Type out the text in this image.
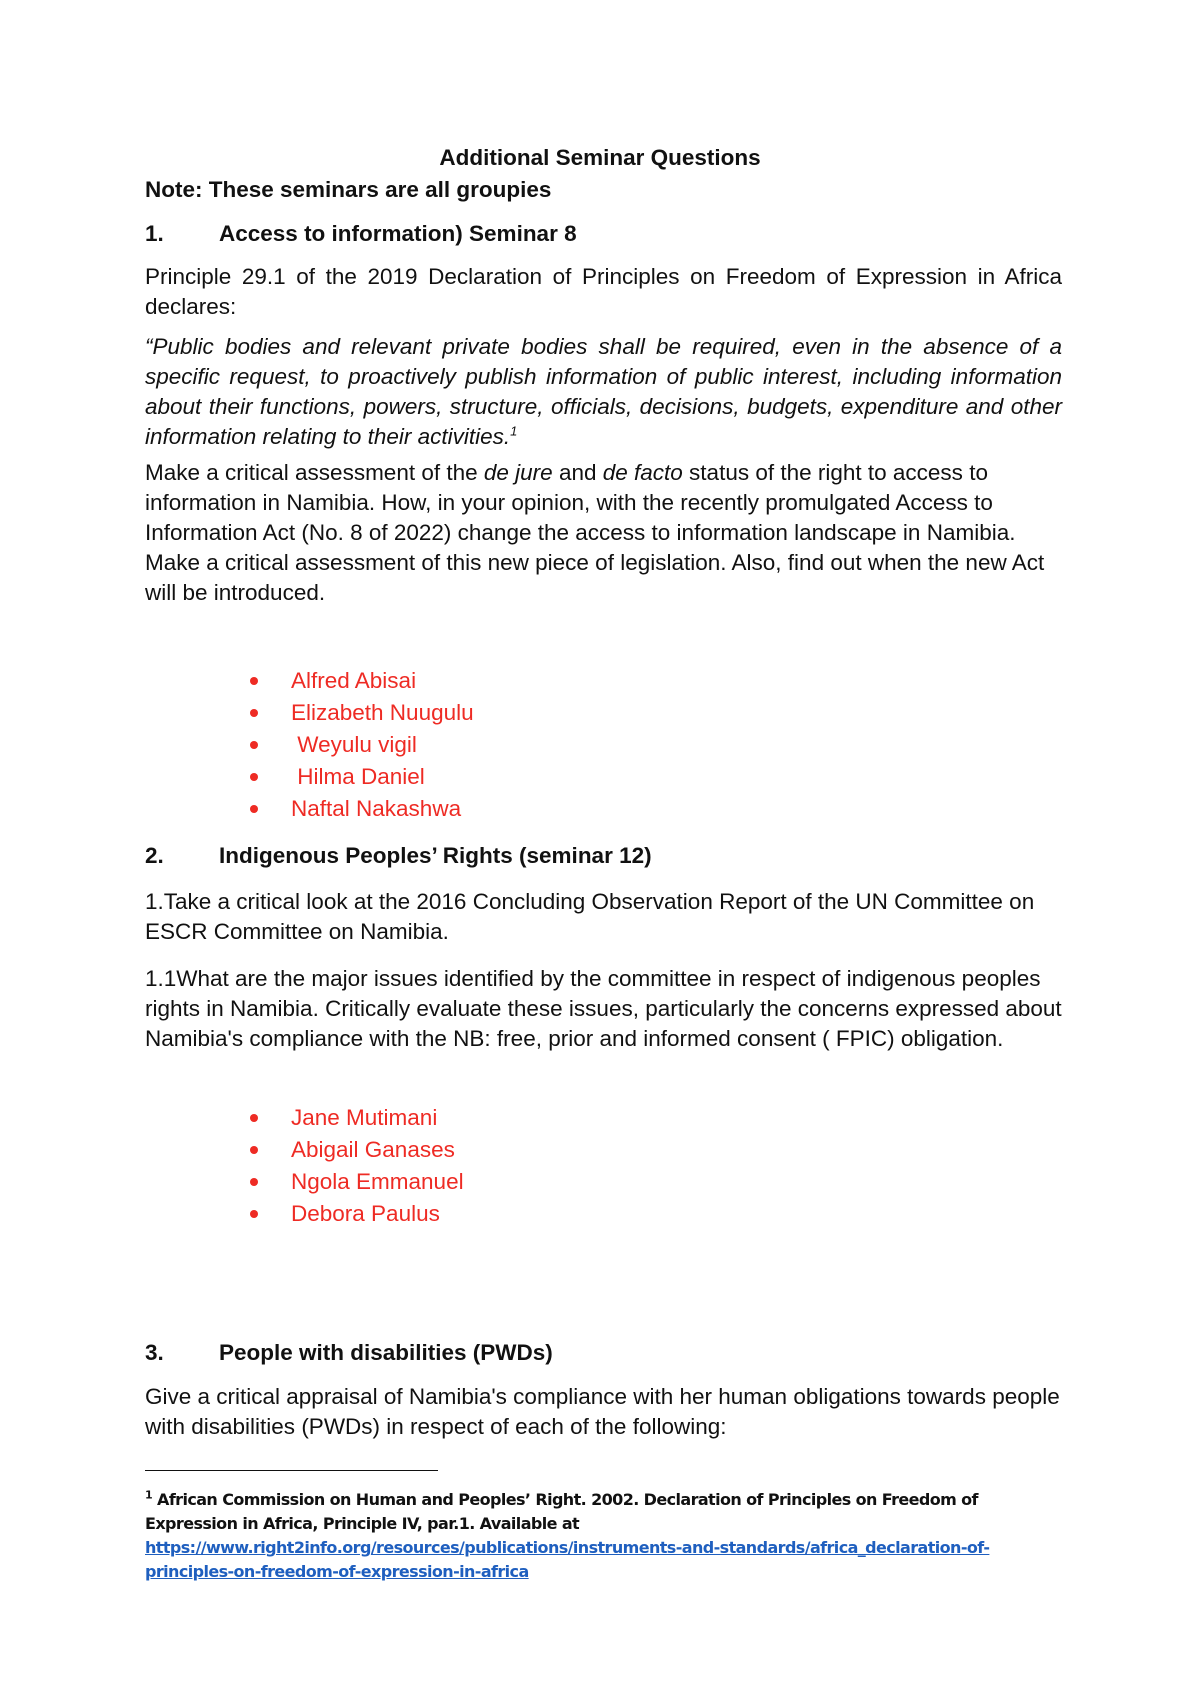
Additional Seminar Questions
Note: These seminars are all groupies
1. Access to information) Seminar 8

Principle 29.1 of the 2019 Declaration of Principles on Freedom of Expression in Africa declares:

“Public bodies and relevant private bodies shall be required, even in the absence of a specific request, to proactively publish information of public interest, including information about their functions, powers, structure, officials, decisions, budgets, expenditure and other information relating to their activities.$^1$

Make a critical assessment of the de jure and de facto status of the right to access to information in Namibia. How, in your opinion, with the recently promulgated Access to Information Act (No. 8 of 2022) change the access to information landscape in Namibia. Make a critical assessment of this new piece of legislation. Also, find out when the new Act will be introduced.

Alfred Abisai
Elizabeth Nuugulu
Weyulu vigil
Hilma Daniel
Naftal Nakashwa
2. Indigenous Peoples’ Rights (seminar 12)

1.Take a critical look at the 2016 Concluding Observation Report of the UN Committee on ESCR Committee on Namibia.

1.1What are the major issues identified by the committee in respect of indigenous peoples rights in Namibia. Critically evaluate these issues, particularly the concerns expressed about Namibia's compliance with the NB: free, prior and informed consent ( FPIC) obligation.

Jane Mutimani
Abigail Ganases
Ngola Emmanuel
Debora Paulus
3. People with disabilities (PWDs)

Give a critical appraisal of Namibia's compliance with her human obligations towards people with disabilities (PWDs) in respect of each of the following:

$^1$ African Commission on Human and Peoples’ Right. 2002. Declaration of Principles on Freedom of Expression in Africa, Principle IV, par.1. Available at https://www.right2info.org/resources/publications/instruments-and-standards/africa_declaration-of-principles-on-freedom-of-expression-in-africa
